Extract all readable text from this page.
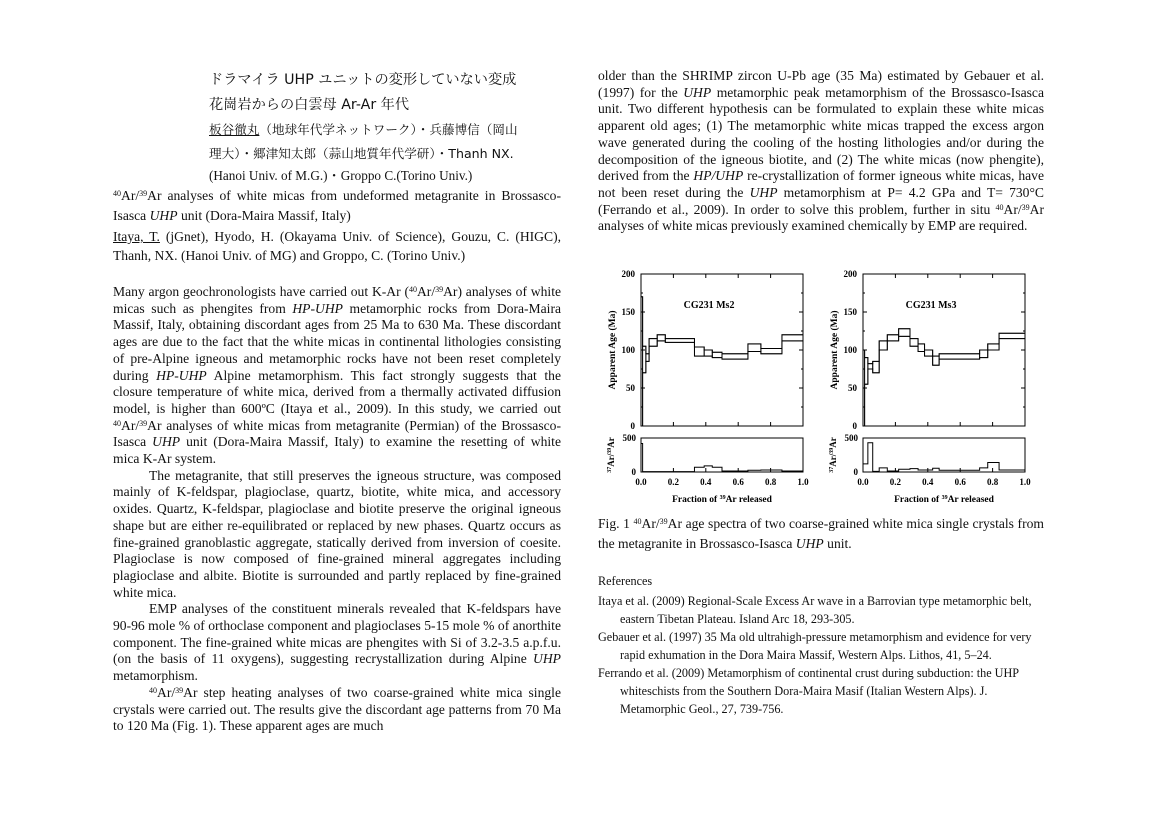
ドラマイラ UHP ユニットの変形していない変成
花崗岩からの白雲母 Ar-Ar 年代
板谷徹丸（地球年代学ネットワーク）・兵藤博信（岡山
理大）・郷津知太郎（蒜山地質年代学研）・Thanh NX.
(Hanoi Univ. of M.G.)・Groppo C.(Torino Univ.)
$^{40}$Ar/$^{39}$Ar analyses of white micas from undeformed metagranite in Brossasco-Isasca UHP unit (Dora-Maira Massif, Italy)
Itaya, T. (jGnet), Hyodo, H. (Okayama Univ. of Science), Gouzu, C. (HIGC), Thanh, NX. (Hanoi Univ. of MG) and Groppo, C. (Torino Univ.)

Many argon geochronologists have carried out K-Ar ($^{40}$Ar/$^{39}$Ar) analyses of white micas such as phengites from HP-UHP metamorphic rocks from Dora-Maira Massif, Italy, obtaining discordant ages from 25 Ma to 630 Ma. These discordant ages are due to the fact that the white micas in continental lithologies consisting of pre-Alpine igneous and metamorphic rocks have not been reset completely during HP-UHP Alpine metamorphism. This fact strongly suggests that the closure temperature of white mica, derived from a thermally activated diffusion model, is higher than 600ºC (Itaya et al., 2009). In this study, we carried out $^{40}$Ar/$^{39}$Ar analyses of white micas from metagranite (Permian) of the Brossasco-Isasca UHP unit (Dora-Maira Massif, Italy) to examine the resetting of white mica K-Ar system.

The metagranite, that still preserves the igneous structure, was composed mainly of K-feldspar, plagioclase, quartz, biotite, white mica, and accessory oxides. Quartz, K-feldspar, plagioclase and biotite preserve the original igneous shape but are either re-equilibrated or replaced by new phases. Quartz occurs as fine-grained granoblastic aggregate, statically derived from inversion of coesite. Plagioclase is now composed of fine-grained mineral aggregates including plagioclase and albite. Biotite is surrounded and partly replaced by fine-grained white mica.

EMP analyses of the constituent minerals revealed that K-feldspars have 90-96 mole % of orthoclase component and plagioclases 5-15 mole % of anorthite component. The fine-grained white micas are phengites with Si of 3.2-3.5 a.p.f.u. (on the basis of 11 oxygens), suggesting recrystallization during Alpine UHP metamorphism.

$^{40}$Ar/$^{39}$Ar step heating analyses of two coarse-grained white mica single crystals were carried out. The results give the discordant age patterns from 70 Ma to 120 Ma (Fig. 1). These apparent ages are much

older than the SHRIMP zircon U-Pb age (35 Ma) estimated by Gebauer et al. (1997) for the UHP metamorphic peak metamorphism of the Brossasco-Isasca unit. Two different hypothesis can be formulated to explain these white micas apparent old ages; (1) The metamorphic white micas trapped the excess argon wave generated during the cooling of the hosting lithologies and/or during the decomposition of the igneous biotite, and (2) The white micas (now phengite), derived from the HP/UHP re-crystallization of former igneous white micas, have not been reset during the UHP metamorphism at P= 4.2 GPa and T= 730°C (Ferrando et al., 2009). In order to solve this problem, further in situ $^{40}$Ar/$^{39}$Ar analyses of white micas previously examined chemically by EMP are required.

0
50
100
150
200
0
500
0.0 0.2 0.4 0.6 0.8 1.0
CG231 Ms2
Apparent Age (Ma)
$^{37}$Ar/$^{39}$Ar
Fraction of $^{39}$Ar released
0
50
100
150
200
0
500
0.0 0.2 0.4 0.6 0.8 1.0
CG231 Ms3
Apparent Age (Ma)
$^{37}$Ar/$^{39}$Ar
Fraction of $^{39}$Ar released
Fig. 1 $^{40}$Ar/$^{39}$Ar age spectra of two coarse-grained white mica single crystals from the metagranite in Brossasco-Isasca UHP unit.
References
Itaya et al. (2009) Regional-Scale Excess Ar wave in a Barrovian type metamorphic belt, eastern Tibetan Plateau. Island Arc 18, 293-305.
Gebauer et al. (1997) 35 Ma old ultrahigh-pressure metamorphism and evidence for very rapid exhumation in the Dora Maira Massif, Western Alps. Lithos, 41, 5–24.
Ferrando et al. (2009) Metamorphism of continental crust during subduction: the UHP whiteschists from the Southern Dora-Maira Masif (Italian Western Alps). J. Metamorphic Geol., 27, 739-756.
